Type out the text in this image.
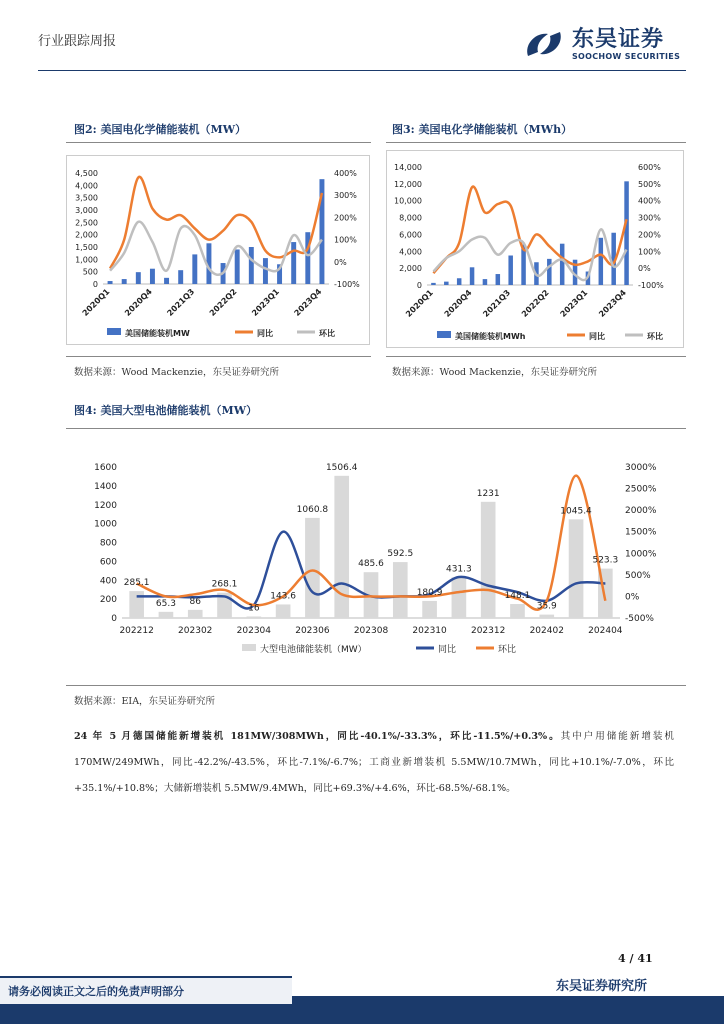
行业跟踪周报	东吴证券
SOOCHOW SECURITIES
图2: 美国电化学储能装机（MW）
4,500
4,000
3,500
3,000
2,500
2,000
1,500
1,000
500
0
400%
300%
200%
100%
0%
-100%
2020Q1 2020Q4 2021Q3 2022Q2 2023Q1 2023Q4
美国储能装机MW	同比	环比
数据来源：Wood Mackenzie，东吴证券研究所
图3: 美国电化学储能装机（MWh）
14,000
12,000
10,000
8,000
6,000
4,000
2,000
0
600%
500%
400%
300%
200%
100%
0%
-100%
2020Q1 2020Q4 2021Q3 2022Q2 2023Q1 2023Q4
美国储能装机MWh	同比	环比
数据来源：Wood Mackenzie，东吴证券研究所
图4: 美国大型电池储能装机（MW）
1600
1400
1200
1000
800
600
400
200
0
3000%
2500%
2000%
1500%
1000%
500%
0%
-500%
285.1
65.3 86
268.1
16
143.6
1060.8
1506.4
485.6
592.5
180.9
431.3
1231
148.1
35.9
1045.4
523.3
202212	202302	202304	202306	202308	202310	202312	202402	202404
大型电池储能装机（MW）	同比	环比
数据来源：EIA，东吴证券研究所
24 年 5 月德国储能新增装机 181MW/308MWh，同比-40.1%/-33.3%，环比-11.5%/+0.3%。其中户用储能新增装机 170MW/249MWh，同比-42.2%/-43.5%，环比-7.1%/-6.7%；工商业新增装机 5.5MW/10.7MWh，同比+10.1%/-7.0%，环比+35.1%/+10.8%；大储新增装机 5.5MW/9.4MWh，同比+69.3%/+4.6%，环比-68.5%/-68.1%。
4 / 41
东吴证券研究所
请务必阅读正文之后的免责声明部分
